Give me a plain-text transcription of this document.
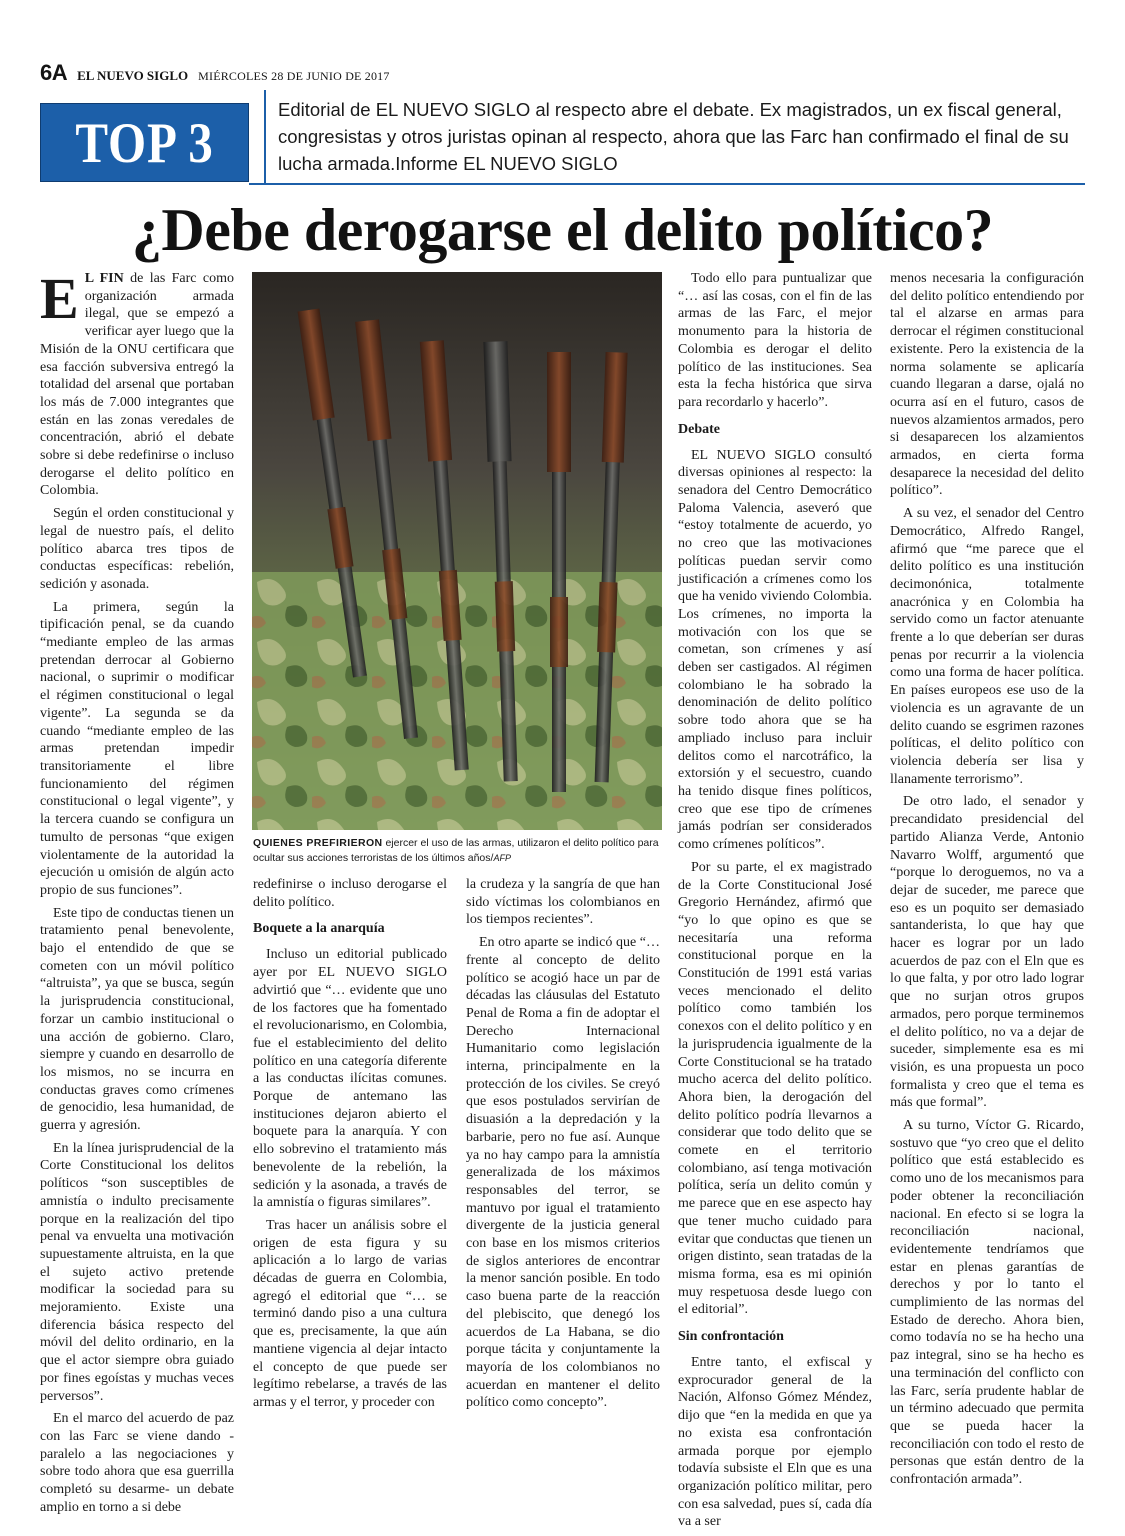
6A EL NUEVO SIGLO MIÉRCOLES 28 DE JUNIO DE 2017
TOP 3

Editorial de EL NUEVO SIGLO al respecto abre el debate. Ex magistrados, un ex fiscal general, congresistas y otros juristas opinan al respecto, ahora que las Farc han confirmado el final de su lucha armada.Informe EL NUEVO SIGLO

¿Debe derogarse el delito político?

E L FIN de las Farc como organización armada ilegal, que se empezó a verificar ayer luego que la Misión de la ONU certificara que esa facción subversiva entregó la totalidad del arsenal que portaban los más de 7.000 integrantes que están en las zonas veredales de concentración, abrió el debate sobre si debe redefinirse o incluso derogarse el delito político en Colombia.

Según el orden constitucional y legal de nuestro país, el delito político abarca tres tipos de conductas específicas: rebelión, sedición y asonada.

La primera, según la tipificación penal, se da cuando “mediante empleo de las armas pretendan derrocar al Gobierno nacional, o suprimir o modificar el régimen constitucional o legal vigente”. La segunda se da cuando “mediante empleo de las armas pretendan impedir transitoriamente el libre funcionamiento del régimen constitucional o legal vigente”, y la tercera cuando se configura un tumulto de personas “que exigen violentamente de la autoridad la ejecución u omisión de algún acto propio de sus funciones”.

Este tipo de conductas tienen un tratamiento penal benevolente, bajo el entendido de que se cometen con un móvil político “altruista”, ya que se busca, según la jurisprudencia constitucional, forzar un cambio institucional o una acción de gobierno. Claro, siempre y cuando en desarrollo de los mismos, no se incurra en conductas graves como crímenes de genocidio, lesa humanidad, de guerra y agresión.

En la línea jurisprudencial de la Corte Constitucional los delitos políticos “son susceptibles de amnistía o indulto precisamente porque en la realización del tipo penal va envuelta una motivación supuestamente altruista, en la que el sujeto activo pretende modificar la sociedad para su mejoramiento. Existe una diferencia básica respecto del móvil del delito ordinario, en la que el actor siempre obra guiado por fines egoístas y muchas veces perversos”.

En el marco del acuerdo de paz con las Farc se viene dando -paralelo a las negociaciones y sobre todo ahora que esa guerrilla completó su desarme- un debate amplio en torno a si debe

QUIENES PREFIRIERON ejercer el uso de las armas, utilizaron el delito político para ocultar sus acciones terroristas de los últimos años/AFP

redefinirse o incluso derogarse el delito político.

Boquete a la anarquía

Incluso un editorial publicado ayer por EL NUEVO SIGLO advirtió que “… evidente que uno de los factores que ha fomentado el revolucionarismo, en Colombia, fue el establecimiento del delito político en una categoría diferente a las conductas ilícitas comunes. Porque de antemano las instituciones dejaron abierto el boquete para la anarquía. Y con ello sobrevino el tratamiento más benevolente de la rebelión, la sedición y la asonada, a través de la amnistía o figuras similares”.

Tras hacer un análisis sobre el origen de esta figura y su aplicación a lo largo de varias décadas de guerra en Colombia, agregó el editorial que “… se terminó dando piso a una cultura que es, precisamente, la que aún mantiene vigencia al dejar intacto el concepto de que puede ser legítimo rebelarse, a través de las armas y el terror, y proceder con

la crudeza y la sangría de que han sido víctimas los colombianos en los tiempos recientes”.

En otro aparte se indicó que “… frente al concepto de delito político se acogió hace un par de décadas las cláusulas del Estatuto Penal de Roma a fin de adoptar el Derecho Internacional Humanitario como legislación interna, principalmente en la protección de los civiles. Se creyó que esos postulados servirían de disuasión a la depredación y la barbarie, pero no fue así. Aunque ya no hay campo para la amnistía generalizada de los máximos responsables del terror, se mantuvo por igual el tratamiento divergente de la justicia general con base en los mismos criterios de siglos anteriores de encontrar la menor sanción posible. En todo caso buena parte de la reacción del plebiscito, que denegó los acuerdos de La Habana, se dio porque tácita y conjuntamente la mayoría de los colombianos no acuerdan en mantener el delito político como concepto”.

Todo ello para puntualizar que “… así las cosas, con el fin de las armas de las Farc, el mejor monumento para la historia de Colombia es derogar el delito político de las instituciones. Sea esta la fecha histórica que sirva para recordarlo y hacerlo”.

Debate

EL NUEVO SIGLO consultó diversas opiniones al respecto: la senadora del Centro Democrático Paloma Valencia, aseveró que “estoy totalmente de acuerdo, yo no creo que las motivaciones políticas puedan servir como justificación a crímenes como los que ha venido viviendo Colombia. Los crímenes, no importa la motivación con los que se cometan, son crímenes y así deben ser castigados. Al régimen colombiano le ha sobrado la denominación de delito político sobre todo ahora que se ha ampliado incluso para incluir delitos como el narcotráfico, la extorsión y el secuestro, cuando ha tenido disque fines políticos, creo que ese tipo de crímenes jamás podrían ser considerados como crímenes políticos”.

Por su parte, el ex magistrado de la Corte Constitucional José Gregorio Hernández, afirmó que “yo lo que opino es que se necesitaría una reforma constitucional porque en la Constitución de 1991 está varias veces mencionado el delito político como también los conexos con el delito político y en la jurisprudencia igualmente de la Corte Constitucional se ha tratado mucho acerca del delito político. Ahora bien, la derogación del delito político podría llevarnos a considerar que todo delito que se comete en el territorio colombiano, así tenga motivación política, sería un delito común y me parece que en ese aspecto hay que tener mucho cuidado para evitar que conductas que tienen un origen distinto, sean tratadas de la misma forma, esa es mi opinión muy respetuosa desde luego con el editorial”.

Sin confrontación

Entre tanto, el exfiscal y exprocurador general de la Nación, Alfonso Gómez Méndez, dijo que “en la medida en que ya no exista esa confrontación armada porque por ejemplo todavía subsiste el Eln que es una organización político militar, pero con esa salvedad, pues sí, cada día va a ser

menos necesaria la configuración del delito político entendiendo por tal el alzarse en armas para derrocar el régimen constitucional existente. Pero la existencia de la norma solamente se aplicaría cuando llegaran a darse, ojalá no ocurra así en el futuro, casos de nuevos alzamientos armados, pero si desaparecen los alzamientos armados, en cierta forma desaparece la necesidad del delito político”.

A su vez, el senador del Centro Democrático, Alfredo Rangel, afirmó que “me parece que el delito político es una institución decimonónica, totalmente anacrónica y en Colombia ha servido como un factor atenuante frente a lo que deberían ser duras penas por recurrir a la violencia como una forma de hacer política. En países europeos ese uso de la violencia es un agravante de un delito cuando se esgrimen razones políticas, el delito político con violencia debería ser lisa y llanamente terrorismo”.

De otro lado, el senador y precandidato presidencial del partido Alianza Verde, Antonio Navarro Wolff, argumentó que “porque lo deroguemos, no va a dejar de suceder, me parece que eso es un poquito ser demasiado santanderista, lo que hay que hacer es lograr por un lado acuerdos de paz con el Eln que es lo que falta, y por otro lado lograr que no surjan otros grupos armados, pero porque terminemos el delito político, no va a dejar de suceder, simplemente esa es mi visión, es una propuesta un poco formalista y creo que el tema es más que formal”.

A su turno, Víctor G. Ricardo, sostuvo que “yo creo que el delito político que está establecido es como uno de los mecanismos para poder obtener la reconciliación nacional. En efecto si se logra la reconciliación nacional, evidentemente tendríamos que estar en plenas garantías de derechos y por lo tanto el cumplimiento de las normas del Estado de derecho. Ahora bien, como todavía no se ha hecho una paz integral, sino se ha hecho es una terminación del conflicto con las Farc, sería prudente hablar de un término adecuado que permita que se pueda hacer la reconciliación con todo el resto de personas que están dentro de la confrontación armada”.
